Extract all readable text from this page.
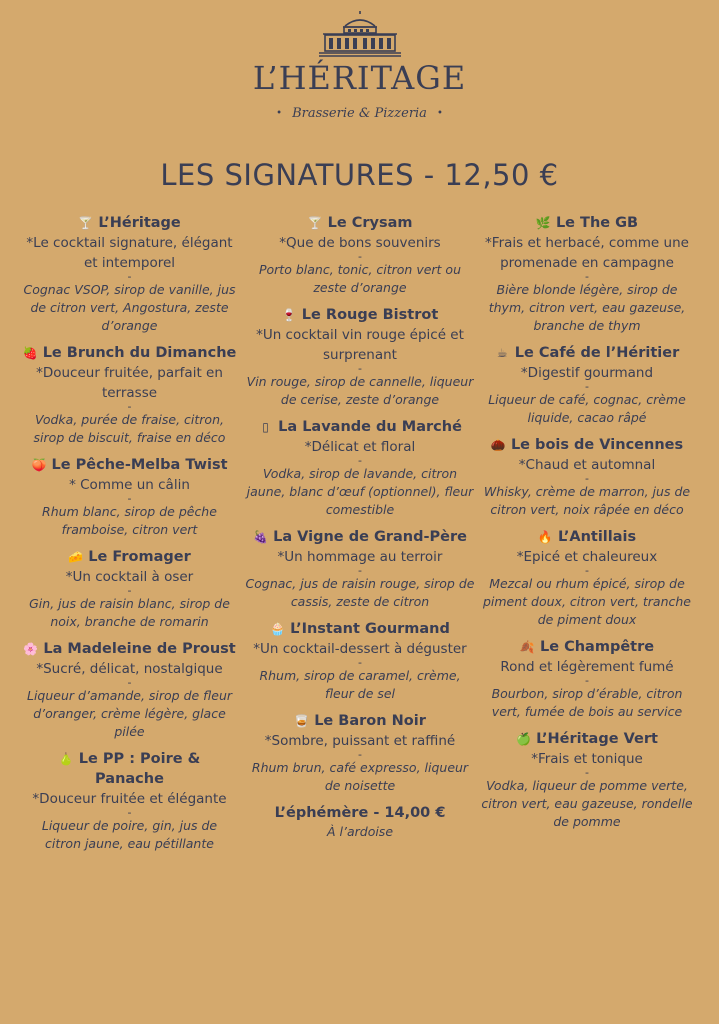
L’HÉRITAGE
• Brasserie & Pizzeria •
LES SIGNATURES - 12,50 €
🍸 L’Héritage
*Le cocktail signature, élégant et intemporel
-
Cognac VSOP, sirop de vanille, jus de citron vert, Angostura, zeste d’orange
🍓 Le Brunch du Dimanche
*Douceur fruitée, parfait en terrasse
-
Vodka, purée de fraise, citron, sirop de biscuit, fraise en déco
🍑 Le Pêche-Melba Twist
* Comme un câlin
-
Rhum blanc, sirop de pêche framboise, citron vert
🧀 Le Fromager
*Un cocktail à oser
-
Gin, jus de raisin blanc, sirop de noix, branche de romarin
🌸 La Madeleine de Proust
*Sucré, délicat, nostalgique
-
Liqueur d’amande, sirop de fleur d’oranger, crème légère, glace pilée
🍐 Le PP : Poire & Panache
*Douceur fruitée et élégante
-
Liqueur de poire, gin, jus de citron jaune, eau pétillante
🍸 Le Crysam
*Que de bons souvenirs
-
Porto blanc, tonic, citron vert ou zeste d’orange
🍷 Le Rouge Bistrot
*Un cocktail vin rouge épicé et surprenant
-
Vin rouge, sirop de cannelle, liqueur de cerise, zeste d’orange
▯ La Lavande du Marché
*Délicat et floral
-
Vodka, sirop de lavande, citron jaune, blanc d’œuf (optionnel), fleur comestible
🍇 La Vigne de Grand-Père
*Un hommage au terroir
-
Cognac, jus de raisin rouge, sirop de cassis, zeste de citron
🧁 L’Instant Gourmand
*Un cocktail-dessert à déguster
-
Rhum, sirop de caramel, crème, fleur de sel
🥃 Le Baron Noir
*Sombre, puissant et raffiné
-
Rhum brun, café expresso, liqueur de noisette
L’éphémère - 14,00 €
À l’ardoise
🌿 Le The GB
*Frais et herbacé, comme une promenade en campagne
-
Bière blonde légère, sirop de thym, citron vert, eau gazeuse, branche de thym
☕ Le Café de l’Héritier
*Digestif gourmand
-
Liqueur de café, cognac, crème liquide, cacao râpé
🌰 Le bois de Vincennes
*Chaud et automnal
-
Whisky, crème de marron, jus de citron vert, noix râpée en déco
🔥 L’Antillais
*Epicé et chaleureux
-
Mezcal ou rhum épicé, sirop de piment doux, citron vert, tranche de piment doux
🍂 Le Champêtre
Rond et légèrement fumé
-
Bourbon, sirop d’érable, citron vert, fumée de bois au service
🍏 L’Héritage Vert
*Frais et tonique
-
Vodka, liqueur de pomme verte, citron vert, eau gazeuse, rondelle de pomme
